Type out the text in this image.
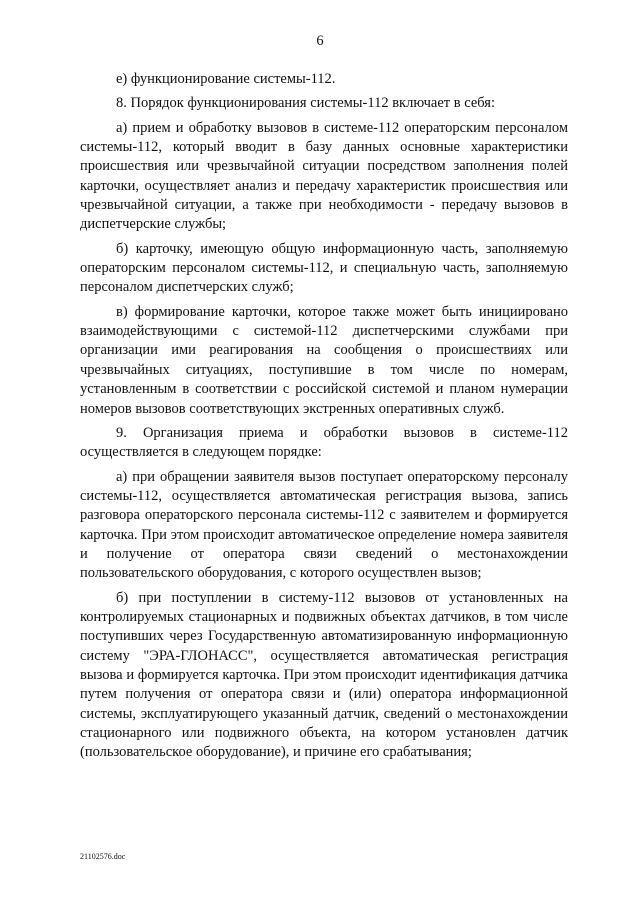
6

е) функционирование системы-112.

8. Порядок функционирования системы-112 включает в себя:

а) прием и обработку вызовов в системе-112 операторским персоналом системы-112, который вводит в базу данных основные характеристики происшествия или чрезвычайной ситуации посредством заполнения полей карточки, осуществляет анализ и передачу характеристик происшествия или чрезвычайной ситуации, а также при необходимости - передачу вызовов в диспетчерские службы;

б) карточку, имеющую общую информационную часть, заполняемую операторским персоналом системы-112, и специальную часть, заполняемую персоналом диспетчерских служб;

в) формирование карточки, которое также может быть инициировано взаимодействующими с системой-112 диспетчерскими службами при организации ими реагирования на сообщения о происшествиях или чрезвычайных ситуациях, поступившие в том числе по номерам, установленным в соответствии с российской системой и планом нумерации номеров вызовов соответствующих экстренных оперативных служб.

9. Организация приема и обработки вызовов в системе-112 осуществляется в следующем порядке:

а) при обращении заявителя вызов поступает операторскому персоналу системы-112, осуществляется автоматическая регистрация вызова, запись разговора операторского персонала системы-112 с заявителем и формируется карточка. При этом происходит автоматическое определение номера заявителя и получение от оператора связи сведений о местонахождении пользовательского оборудования, с которого осуществлен вызов;

б) при поступлении в систему-112 вызовов от установленных на контролируемых стационарных и подвижных объектах датчиков, в том числе поступивших через Государственную автоматизированную информационную систему "ЭРА-ГЛОНАСС", осуществляется автоматическая регистрация вызова и формируется карточка. При этом происходит идентификация датчика путем получения от оператора связи и (или) оператора информационной системы, эксплуатирующего указанный датчик, сведений о местонахождении стационарного или подвижного объекта, на котором установлен датчик (пользовательское оборудование), и причине его срабатывания;

21102576.doc
